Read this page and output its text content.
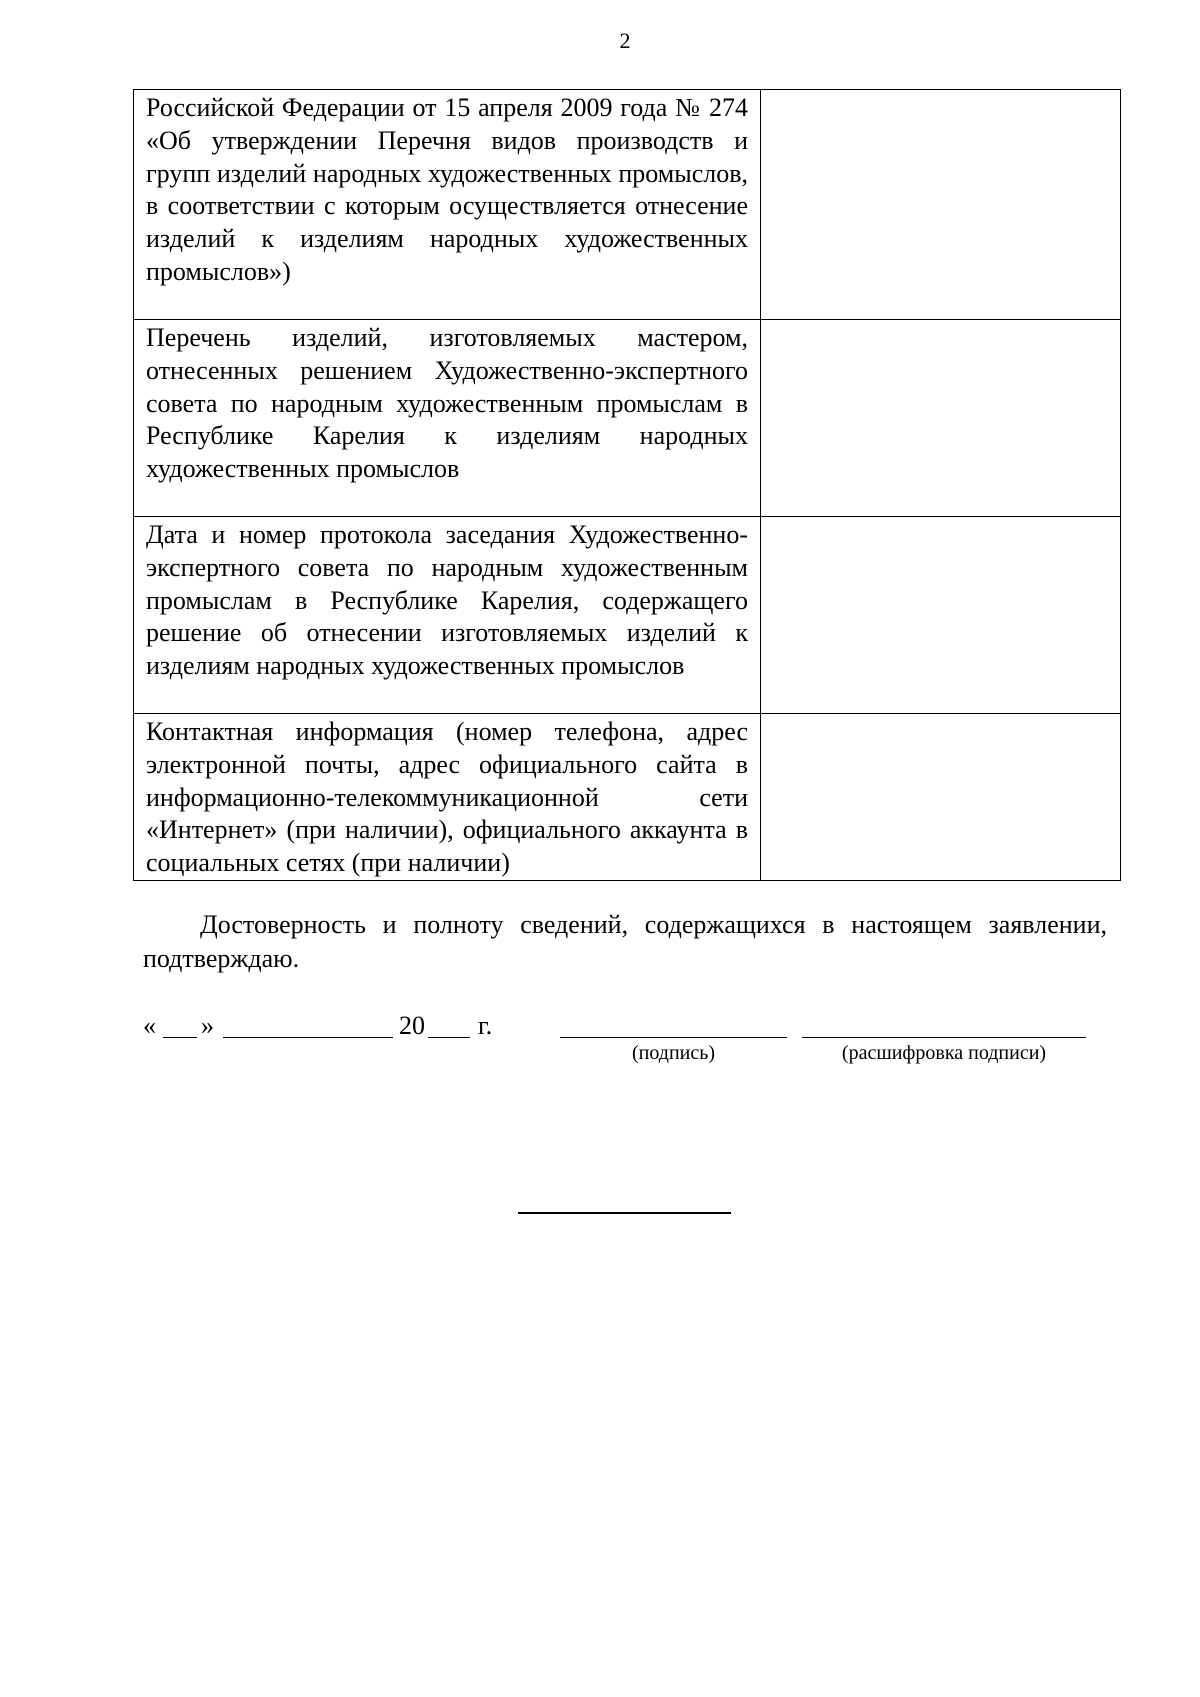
2
Российской Федерации от 15 апреля 2009 года № 274 «Об утверждении Перечня видов производств и групп изделий народных художественных промыслов, в соответствии с которым осуществляется отнесение изделий к изделиям народных художественных промыслов»)	
Перечень изделий, изготовляемых мастером, отнесенных решением Художественно-экспертного совета по народным художественным промыслам в Республике Карелия к изделиям народных художественных промыслов	
Дата и номер протокола заседания Художественно-экспертного совета по народным художественным промыслам в Республике Карелия, содержащего решение об отнесении изготовляемых изделий к изделиям народных художественных промыслов	
Контактная информация (номер телефона, адрес электронной почты, адрес официального сайта в информационно-телекоммуникационной сети «Интернет» (при наличии), официального аккаунта в социальных сетях (при наличии)	

Достоверность и полноту сведений, содержащихся в настоящем заявлении, подтверждаю.

« »	20 г.
(подпись)	(расшифровка подписи)
